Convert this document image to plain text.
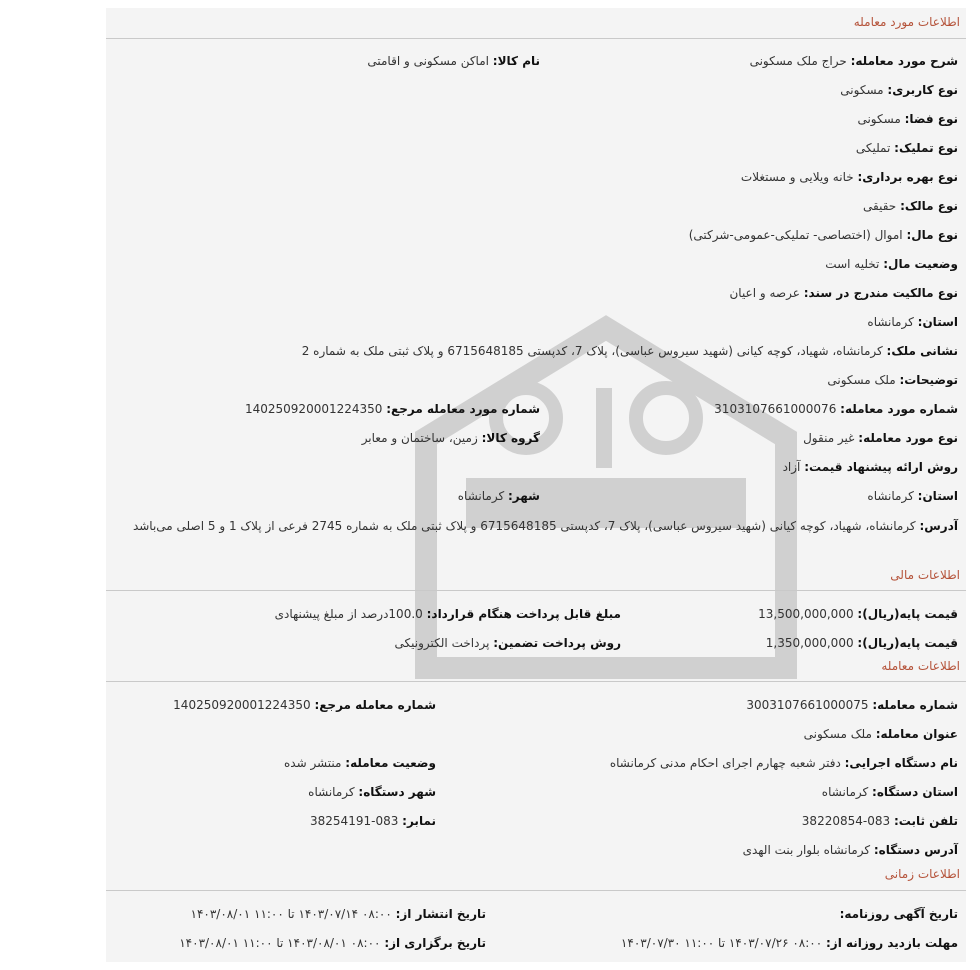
اطلاعات مورد معامله
شرح مورد معامله: حراج ملک مسکونی
نام کالا: اماکن مسکونی و اقامتی
نوع کاربری: مسکونی
نوع فضا: مسکونی
نوع تملیک: تملیکی
نوع بهره برداری: خانه ویلایی و مستغلات
نوع مالک: حقیقی
نوع مال: اموال (اختصاصی- تملیکی-عمومی-شرکتی)
وضعیت مال: تخلیه است
نوع مالکیت مندرج در سند: عرصه و اعیان
استان: کرمانشاه
نشانی ملک: کرمانشاه، شهیاد، کوچه کیانی (شهید سیروس عباسی)، پلاک 7، کدپستی 6715648185 و پلاک ثبتی ملک به شماره 2
توضیحات: ملک مسکونی
شماره مورد معامله: 3103107661000076
شماره مورد معامله مرجع: 14025092000122435‌0
نوع مورد معامله: غیر منقول
گروه کالا: زمین، ساختمان و معابر
روش ارائه پیشنهاد قیمت: آزاد
استان: کرمانشاه
شهر: کرمانشاه
آدرس: کرمانشاه، شهیاد، کوچه کیانی (شهید سیروس عباسی)، پلاک 7، کدپستی 6715648185 و پلاک ثبتی ملک به شماره 2745 فرعی از پلاک 1 و 5 اصلی می‌باشد
اطلاعات مالی
قیمت پایه(ریال): 13,500,000,000
مبلغ قابل پرداخت هنگام قرارداد: 100.0درصد از مبلغ پیشنهادی
قیمت پایه(ریال): 1,350,000,000
روش پرداخت تضمین: پرداخت الکترونیکی
اطلاعات معامله
شماره معامله: 3003107661000075
شماره معامله مرجع: 14025092000122435‌0
عنوان معامله: ملک مسکونی
نام دستگاه اجرایی: دفتر شعبه چهارم اجرای احکام مدنی کرمانشاه
وضعیت معامله: منتشر شده
استان دستگاه: کرمانشاه
شهر دستگاه: کرمانشاه
تلفن ثابت: 083-38220854
نمابر: 083-38254191
آدرس دستگاه: کرمانشاه بلوار بنت الهدی
اطلاعات زمانی
تاریخ آگهی روزنامه:
تاریخ انتشار از: ۰۸:۰۰ ۱۴۰۳/۰۷/۱۴ تا ۱۱:۰۰ ۱۴۰۳/۰۸/۰۱
مهلت بازدید روزانه از: ۰۸:۰۰ ۱۴۰۳/۰۷/۲۶ تا ۱۱:۰۰ ۱۴۰۳/۰۷/۳۰
تاریخ برگزاری از: ۰۸:۰۰ ۱۴۰۳/۰۸/۰۱ تا ۱۱:۰۰ ۱۴۰۳/۰۸/۰۱
